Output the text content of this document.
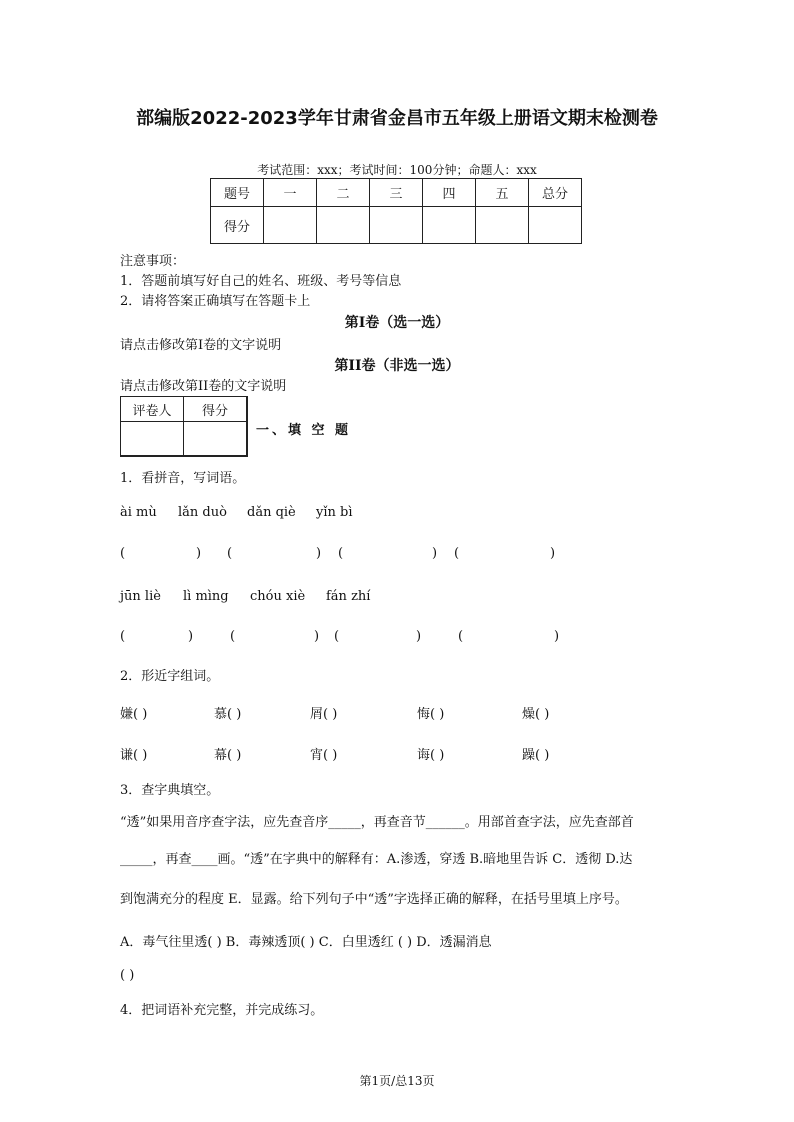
部编版2022-2023学年甘肃省金昌市五年级上册语文期末检测卷
考试范围：xxx；考试时间：100分钟；命题人：xxx
题号	一	二	三	四	五	总分
得分						
注意事项：
1．答题前填写好自己的姓名、班级、考号等信息
2．请将答案正确填写在答题卡上
第I卷（选一选）
请点击修改第I卷的文字说明
第II卷（非选一选）
请点击修改第II卷的文字说明
评卷人	得分

一、填 空 题
1．看拼音，写词语。
ài mù lǎn duò dǎn qiè yǐn bì
(	) (	) (	) (	)
jūn liè lì mìng chóu xiè fán zhí
(	)	(	) (	)	(	)
2．形近字组词。
嫌( )	慕( )	屑( )	悔( )	燥( )
谦( )	幕( )	宵( )	诲( )	躁( )
3．查字典填空。
“透”如果用音序查字法，应先查音序_____，再查音节______。用部首查字法，应先查部首
_____，再查____画。“透”在字典中的解释有：A.渗透，穿透 B.暗地里告诉 C．透彻 D.达
到饱满充分的程度 E．显露。给下列句子中“透”字选择正确的解释，在括号里填上序号。
A．毒气往里透( ) B．毒辣透顶( ) C．白里透红 ( ) D．透漏消息
( )
4．把词语补充完整，并完成练习。
第1页/总13页
